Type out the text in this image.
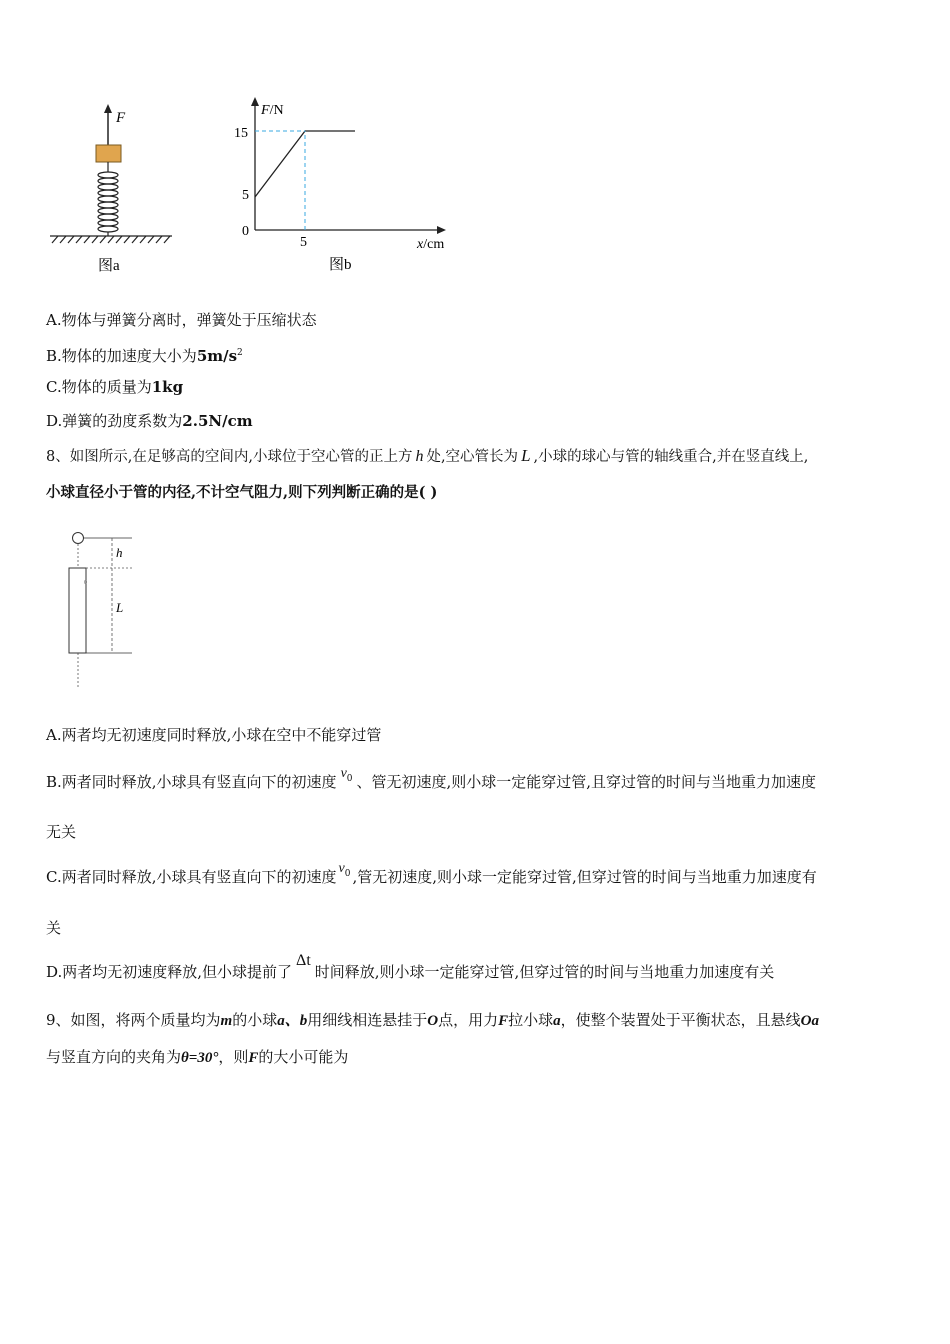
F
图a
F/N
x/cm
15
5
0
5
图b
A.物体与弹簧分离时，弹簧处于压缩状态
B.物体的加速度大小为$5m/s^2$
C.物体的质量为1kg
D.弹簧的劲度系数为2.5N/cm
8、如图所示,在足够高的空间内,小球位于空心管的正上方 h 处,空心管长为 L ,小球的球心与管的轴线重合,并在竖直线上,
小球直径小于管的内径,不计空气阻力,则下列判断正确的是( )
0
h
L
A.两者均无初速度同时释放,小球在空中不能穿过管
B.两者同时释放,小球具有竖直向下的初速度 $v_0$ 、管无初速度,则小球一定能穿过管,且穿过管的时间与当地重力加速度
无关
C.两者同时释放,小球具有竖直向下的初速度 $v_0$ ,管无初速度,则小球一定能穿过管,但穿过管的时间与当地重力加速度有
关
D.两者均无初速度释放,但小球提前了Δt时间释放,则小球一定能穿过管,但穿过管的时间与当地重力加速度有关
9、如图，将两个质量均为m的小球a、b用细线相连悬挂于O点，用力F拉小球a，使整个装置处于平衡状态，且悬线Oa
与竖直方向的夹角为θ=30°，则F的大小可能为
